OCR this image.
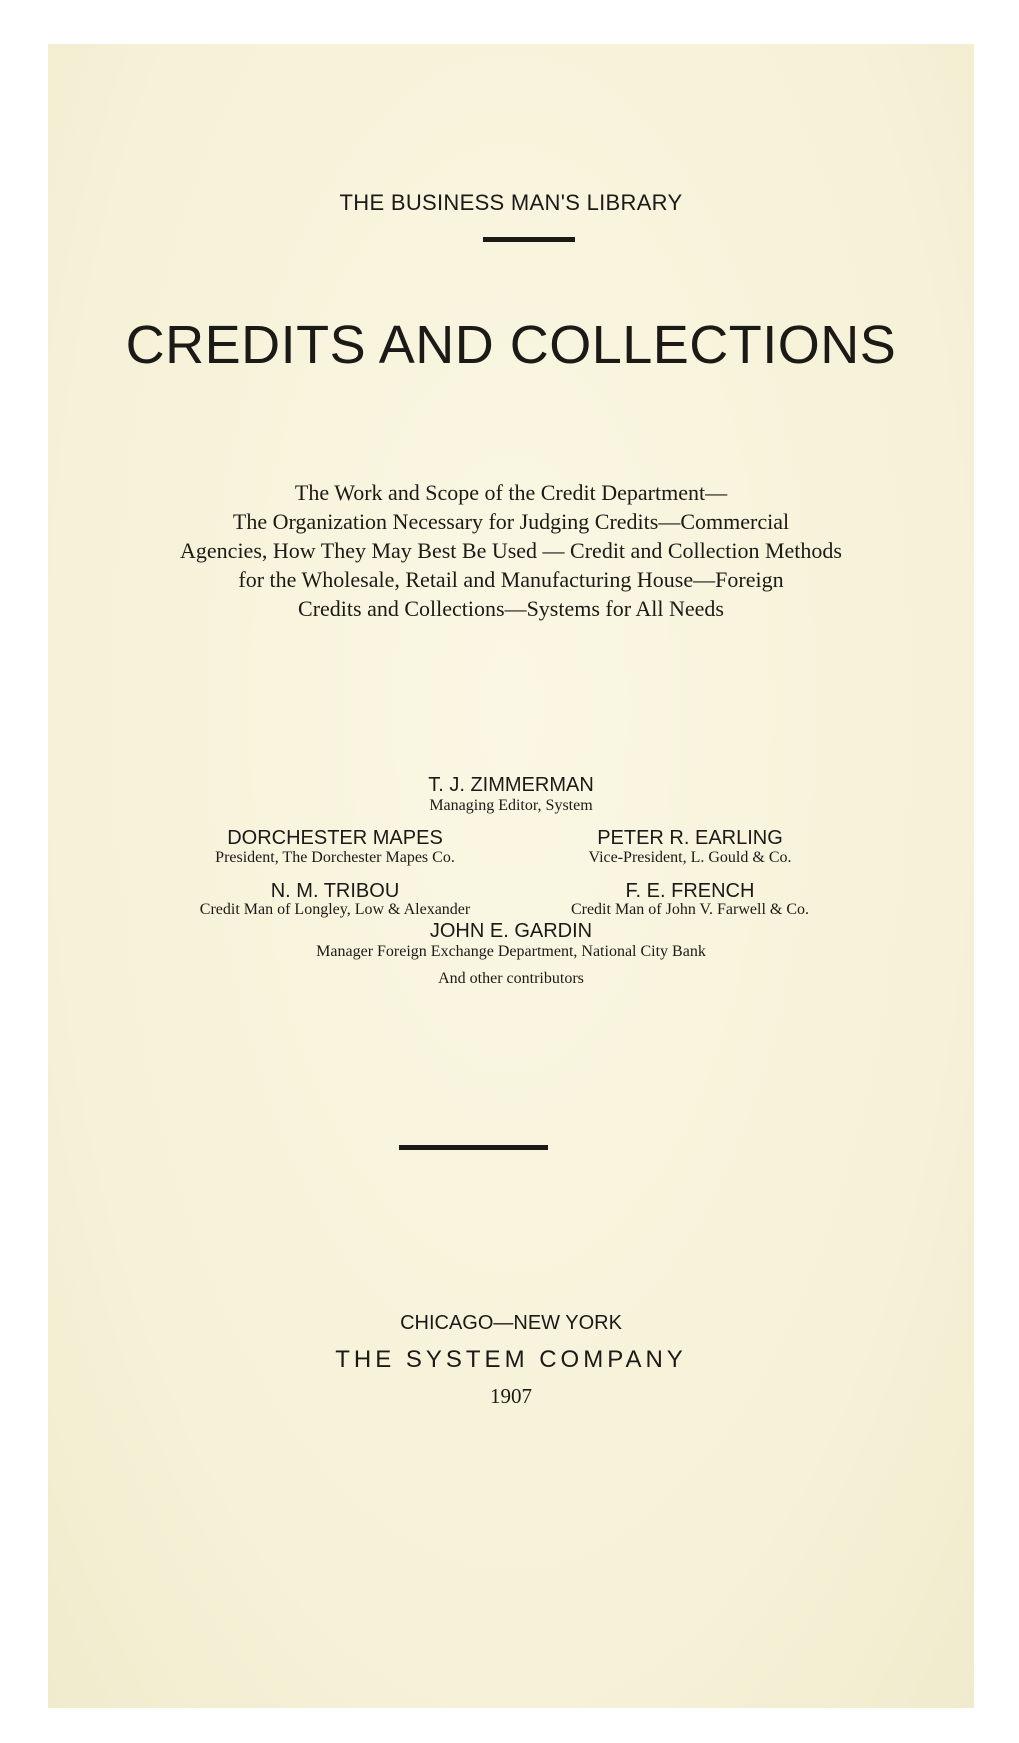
THE BUSINESS MAN'S LIBRARY
CREDITS AND COLLECTIONS
The Work and Scope of the Credit Department—
The Organization Necessary for Judging Credits—Commercial
Agencies, How They May Best Be Used — Credit and Collection Methods
for the Wholesale, Retail and Manufacturing House—Foreign
Credits and Collections—Systems for All Needs
T. J. ZIMMERMAN
Managing Editor, System
DORCHESTER MAPES
President, The Dorchester Mapes Co.
PETER R. EARLING
Vice-President, L. Gould & Co.
N. M. TRIBOU
Credit Man of Longley, Low & Alexander
F. E. FRENCH
Credit Man of John V. Farwell & Co.
JOHN E. GARDIN
Manager Foreign Exchange Department, National City Bank
And other contributors
CHICAGO—NEW YORK
THE SYSTEM COMPANY
1907
